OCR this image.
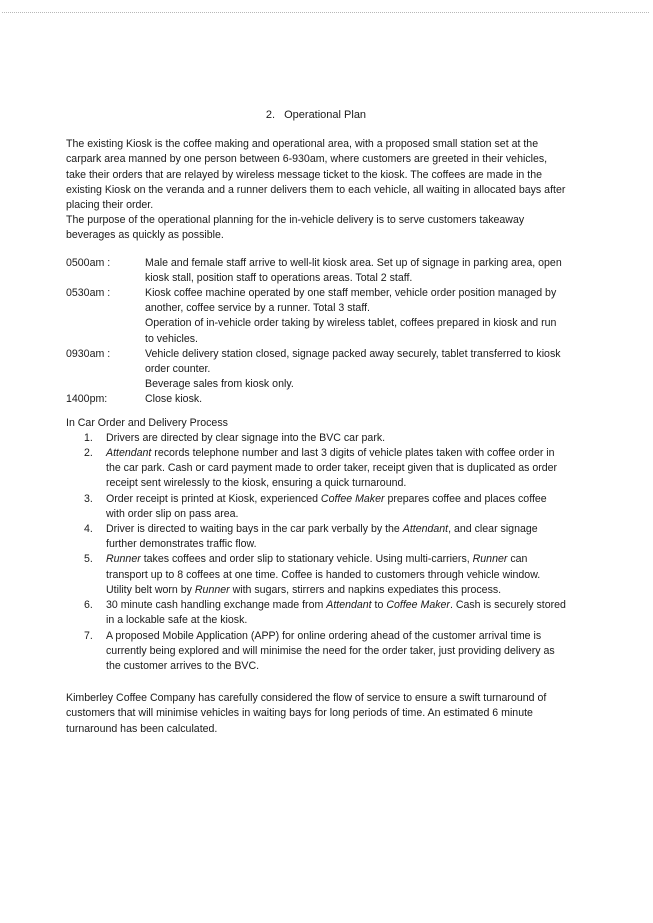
2. Operational Plan

The existing Kiosk is the coffee making and operational area, with a proposed small station set at the carpark area manned by one person between 6-930am, where customers are greeted in their vehicles, take their orders that are relayed by wireless message ticket to the kiosk. The coffees are made in the existing Kiosk on the veranda and a runner delivers them to each vehicle, all waiting in allocated bays after placing their order.

The purpose of the operational planning for the in-vehicle delivery is to serve customers takeaway beverages as quickly as possible.

0500am :	Male and female staff arrive to well-lit kiosk area. Set up of signage in parking area, open kiosk stall, position staff to operations areas. Total 2 staff.
0530am :	Kiosk coffee machine operated by one staff member, vehicle order position managed by another, coffee service by a runner. Total 3 staff.
Operation of in-vehicle order taking by wireless tablet, coffees prepared in kiosk and run to vehicles.
0930am :	Vehicle delivery station closed, signage packed away securely, tablet transferred to kiosk order counter.
Beverage sales from kiosk only.
1400pm:	Close kiosk.
In Car Order and Delivery Process
1.	Drivers are directed by clear signage into the BVC car park.
2.	Attendant records telephone number and last 3 digits of vehicle plates taken with coffee order in the car park. Cash or card payment made to order taker, receipt given that is duplicated as order receipt sent wirelessly to the kiosk, ensuring a quick turnaround.
3.	Order receipt is printed at Kiosk, experienced Coffee Maker prepares coffee and places coffee with order slip on pass area.
4.	Driver is directed to waiting bays in the car park verbally by the Attendant, and clear signage further demonstrates traffic flow.
5.	Runner takes coffees and order slip to stationary vehicle. Using multi-carriers, Runner can transport up to 8 coffees at one time. Coffee is handed to customers through vehicle window. Utility belt worn by Runner with sugars, stirrers and napkins expediates this process.
6.	30 minute cash handling exchange made from Attendant to Coffee Maker. Cash is securely stored in a lockable safe at the kiosk.
7.	A proposed Mobile Application (APP) for online ordering ahead of the customer arrival time is currently being explored and will minimise the need for the order taker, just providing delivery as the customer arrives to the BVC.

Kimberley Coffee Company has carefully considered the flow of service to ensure a swift turnaround of customers that will minimise vehicles in waiting bays for long periods of time. An estimated 6 minute turnaround has been calculated.
